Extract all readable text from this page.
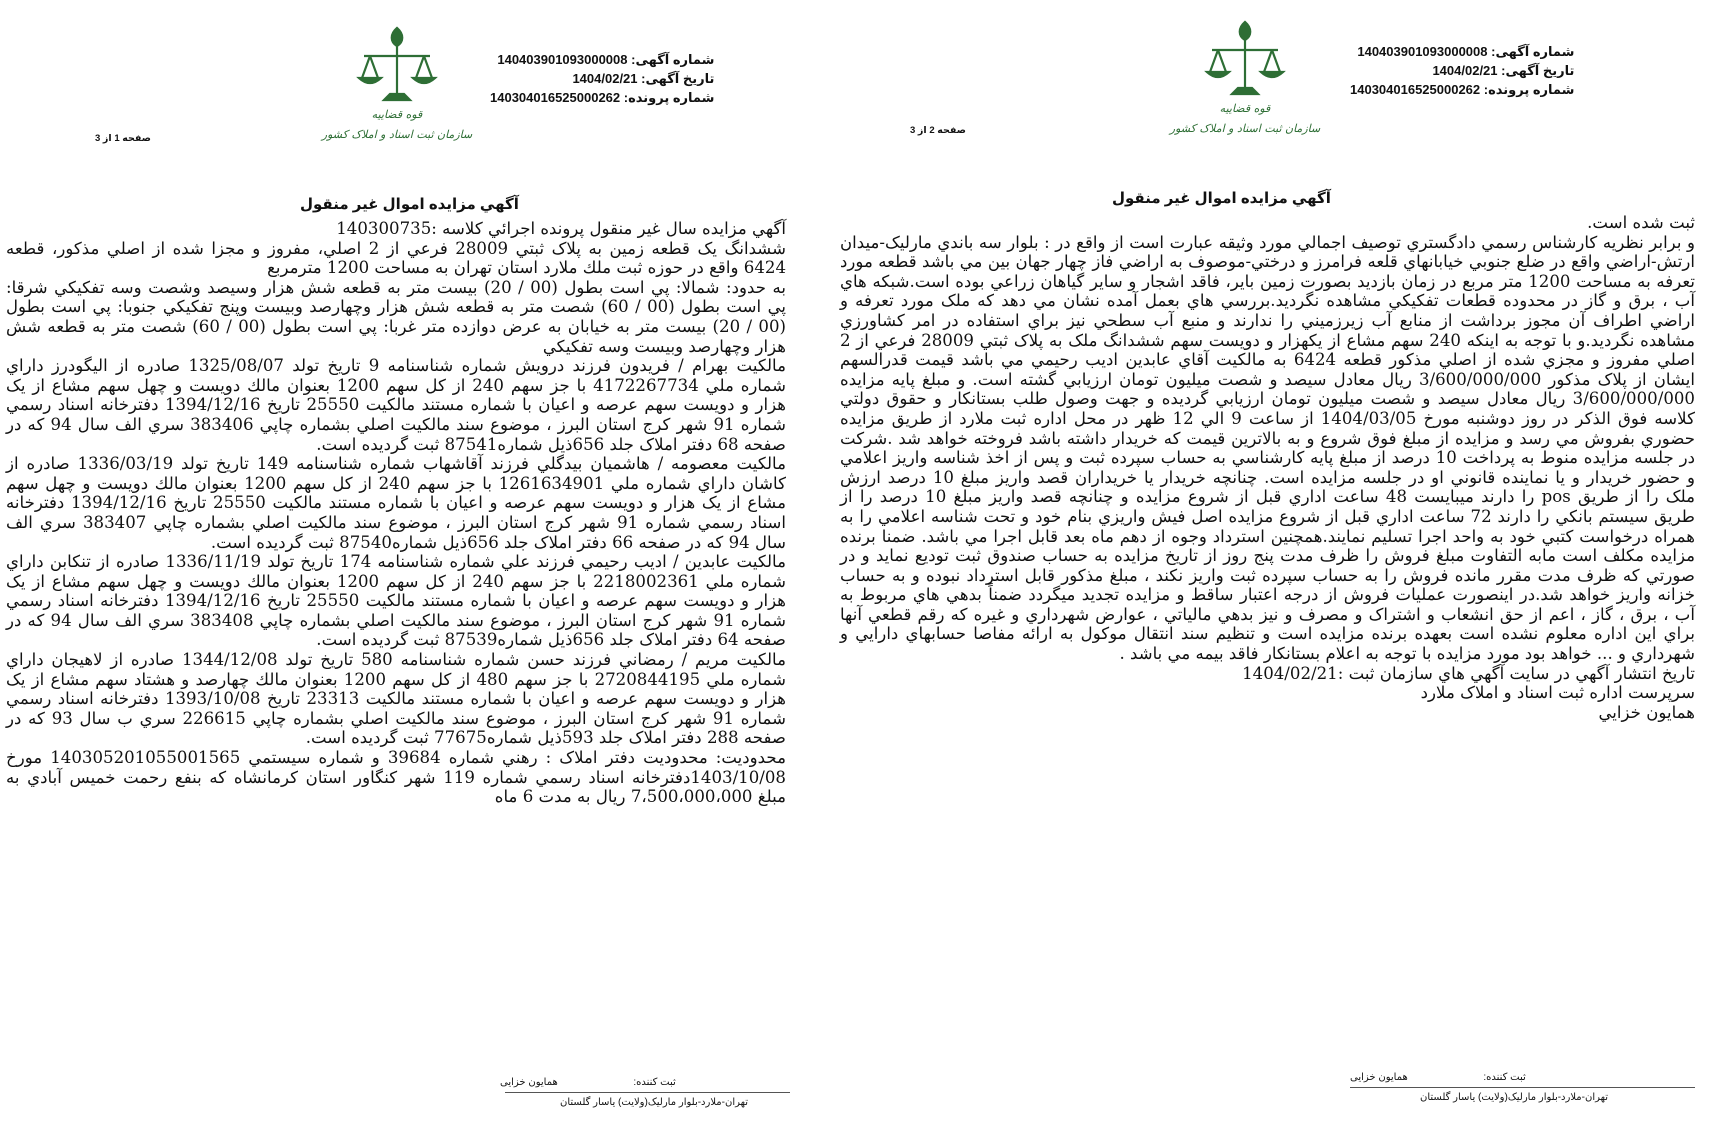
شماره آگهی: 140403901093000008
تاریخ آگهی: 1404/02/21
شماره پرونده: 140304016525000262
قوه قضاییه
سازمان ثبت اسناد و املاک کشور
صفحه 1 از 3
آگهي مزايده اموال غير منقول

آگهي مزايده سال غير منقول پرونده اجرائي كلاسه :140300735

ششدانگ يک قطعه زمين به پلاک ثبتي 28009 فرعي از 2 اصلي، مفروز و مجزا شده از اصلي مذكور، قطعه 6424 واقع در حوزه ثبت ملك ملارد استان تهران به مساحت 1200 مترمربع

به حدود: شمالا: پي است بطول (00 / 20) بيست متر به قطعه شش هزار وسيصد وشصت وسه تفكيكي شرقا: پي است بطول (00 / 60) شصت متر به قطعه شش هزار وچهارصد وبيست وپنج تفكيكي جنوبا: پي است بطول (00 / 20) بيست متر به خيابان به عرض دوازده متر غربا: پي است بطول (00 / 60) شصت متر به قطعه شش هزار وچهارصد وبيست وسه تفكيكي

مالكيت بهرام / فريدون فرزند درويش شماره شناسنامه 9 تاريخ تولد 1325/08/07 صادره از اليگودرز داراي شماره ملي 4172267734 با جز سهم 240 از كل سهم 1200 بعنوان مالك دويست و چهل سهم مشاع از يک هزار و دويست سهم عرصه و اعيان با شماره مستند مالكيت 25550 تاريخ 1394/12/16 دفترخانه اسناد رسمي شماره 91 شهر كرج استان البرز ، موضوع سند مالكيت اصلي بشماره چاپي 383406 سري الف سال 94 كه در صفحه 68 دفتر املاک جلد 656ذيل شماره87541 ثبت گرديده است.

مالكيت معصومه / هاشميان بيدگلي فرزند آقاشهاب شماره شناسنامه 149 تاريخ تولد 1336/03/19 صادره از كاشان داراي شماره ملي 1261634901 با جز سهم 240 از كل سهم 1200 بعنوان مالك دويست و چهل سهم مشاع از يک هزار و دويست سهم عرصه و اعيان با شماره مستند مالكيت 25550 تاريخ 1394/12/16 دفترخانه اسناد رسمي شماره 91 شهر كرج استان البرز ، موضوع سند مالكيت اصلي بشماره چاپي 383407 سري الف سال 94 كه در صفحه 66 دفتر املاک جلد 656ذيل شماره87540 ثبت گرديده است.

مالكيت عابدين / اديب رحيمي فرزند علي شماره شناسنامه 174 تاريخ تولد 1336/11/19 صادره از تنكابن داراي شماره ملي 2218002361 با جز سهم 240 از كل سهم 1200 بعنوان مالك دويست و چهل سهم مشاع از يک هزار و دويست سهم عرصه و اعيان با شماره مستند مالكيت 25550 تاريخ 1394/12/16 دفترخانه اسناد رسمي شماره 91 شهر كرج استان البرز ، موضوع سند مالكيت اصلي بشماره چاپي 383408 سري الف سال 94 كه در صفحه 64 دفتر املاک جلد 656ذيل شماره87539 ثبت گرديده است.

مالكيت مريم / رمضاني فرزند حسن شماره شناسنامه 580 تاريخ تولد 1344/12/08 صادره از لاهيجان داراي شماره ملي 2720844195 با جز سهم 480 از كل سهم 1200 بعنوان مالك چهارصد و هشتاد سهم مشاع از يک هزار و دويست سهم عرصه و اعيان با شماره مستند مالكيت 23313 تاريخ 1393/10/08 دفترخانه اسناد رسمي شماره 91 شهر كرج استان البرز ، موضوع سند مالكيت اصلي بشماره چاپي 226615 سري ب سال 93 كه در صفحه 288 دفتر املاک جلد 593ذيل شماره77675 ثبت گرديده است.

محدوديت: محدوديت دفتر املاک : رهني شماره 39684 و شماره سيستمي 140305201055001565 مورخ 1403/10/08دفترخانه اسناد رسمي شماره 119 شهر كنگاور استان كرمانشاه كه بنفع رحمت خميس آبادي به مبلغ 7،500،000،000 ريال به مدت 6 ماه

ثبت کننده:  همایون خزایی
تهران-ملارد-بلوار مارلیک(ولایت) یاسار گلستان
شماره آگهی: 140403901093000008
تاریخ آگهی: 1404/02/21
شماره پرونده: 140304016525000262
قوه قضاییه
سازمان ثبت اسناد و املاک کشور
صفحه 2 از 3
آگهي مزايده اموال غير منقول

ثبت شده است.

و برابر نظريه كارشناس رسمي دادگستري توصيف اجمالي مورد وثيقه عبارت است از واقع در : بلوار سه باندي مارليک-ميدان ارتش-اراضي واقع در ضلع جنوبي خيابانهاي قلعه فرامرز و درختي-موصوف به اراضي فاز چهار جهان بين مي باشد قطعه مورد تعرفه به مساحت 1200 متر مربع در زمان بازديد بصورت زمين باير، فاقد اشجار و ساير گياهان زراعي بوده است.شبكه هاي آب ، برق و گاز در محدوده قطعات تفكيكي مشاهده نگرديد.بررسي هاي بعمل آمده نشان مي دهد كه ملک مورد تعرفه و اراضي اطراف آن مجوز برداشت از منابع آب زيرزميني را ندارند و منبع آب سطحي نيز براي استفاده در امر كشاورزي مشاهده نگرديد.و با توجه به اينكه 240 سهم مشاع از يكهزار و دويست سهم ششدانگ ملک به پلاک ثبتي 28009 فرعي از 2 اصلي مفروز و مجزي شده از اصلي مذكور قطعه 6424 به مالكيت آقاي عابدين اديب رحيمي مي باشد قيمت قدرالسهم ايشان از پلاک مذكور 3/600/000/000 ريال معادل سيصد و شصت ميليون تومان ارزيابي گشته است. و مبلغ پايه مزايده 3/600/000/000 ريال معادل سيصد و شصت ميليون تومان ارزيابي گرديده و جهت وصول طلب بستانكار و حقوق دولتي كلاسه فوق الذكر در روز دوشنبه مورخ 1404/03/05 از ساعت 9 الي 12 ظهر در محل اداره ثبت ملارد از طريق مزايده حضوري بفروش مي رسد و مزايده از مبلغ فوق شروع و به بالاترين قيمت كه خريدار داشته باشد فروخته خواهد شد .شركت در جلسه مزايده منوط به پرداخت 10 درصد از مبلغ پايه كارشناسي به حساب سپرده ثبت و پس از اخذ شناسه واريز اعلامي و حضور خريدار و يا نماينده قانوني او در جلسه مزايده است. چنانچه خريدار يا خريداران قصد واريز مبلغ 10 درصد ارزش ملک را از طريق pos را دارند ميبايست 48 ساعت اداري قبل از شروع مزايده و چنانچه قصد واريز مبلغ 10 درصد را از طريق سيستم بانكي را دارند 72 ساعت اداري قبل از شروع مزايده اصل فيش واريزي بنام خود و تحت شناسه اعلامي را به همراه درخواست كتبي خود به واحد اجرا تسليم نمايند.همچنين استرداد وجوه از دهم ماه بعد قابل اجرا مي باشد. ضمنا برنده مزايده مكلف است مابه التفاوت مبلغ فروش را ظرف مدت پنج روز از تاريخ مزايده به حساب صندوق ثبت توديع نمايد و در صورتي كه ظرف مدت مقرر مانده فروش را به حساب سپرده ثبت واريز نكند ، مبلغ مذكور قابل استرداد نبوده و به حساب خزانه واريز خواهد شد.در اينصورت عمليات فروش از درجه اعتبار ساقط و مزايده تجديد ميگردد ضمناً بدهي هاي مربوط به آب ، برق ، گاز ، اعم از حق انشعاب و اشتراک و مصرف و نيز بدهي مالياتي ، عوارض شهرداري و غيره كه رقم قطعي آنها براي اين اداره معلوم نشده است بعهده برنده مزايده است و تنظيم سند انتقال موكول به ارائه مفاصا حسابهاي دارايي و شهرداري و ... خواهد بود مورد مزايده با توجه به اعلام بستانكار فاقد بيمه مي باشد .

تاريخ انتشار آگهي در سايت آگهي هاي سازمان ثبت :1404/02/21

سرپرست اداره ثبت اسناد و املاک ملارد

همايون خزايي

ثبت کننده:  همایون خزایی
تهران-ملارد-بلوار مارلیک(ولایت) یاسار گلستان
